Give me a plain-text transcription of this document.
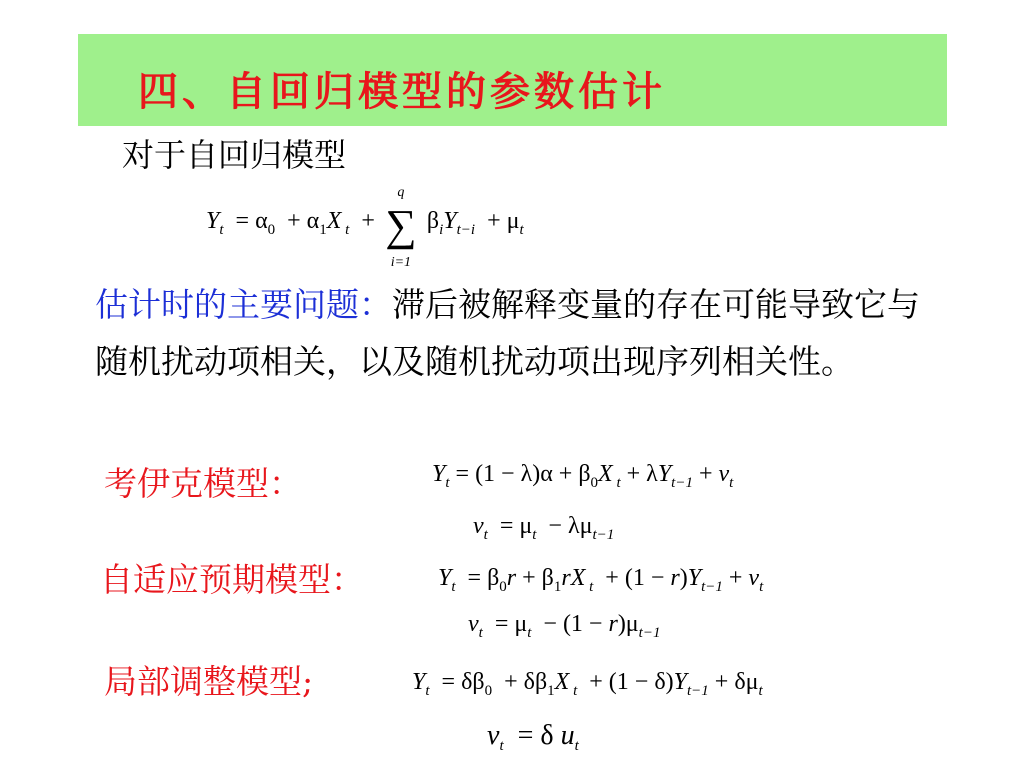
四、自回归模型的参数估计
对于自回归模型
$Y_t = \alpha_0 + \alpha_1X$ $_t$  +
q
∑
i=1
$\beta_iY_{t-i} + \mu_t$
估计时的主要问题：滞后被解释变量的存在可能导致它与随机扰动项相关，以及随机扰动项出现序列相关性。
考伊克模型：	$Y_t = (1 - \lambda)\alpha + \beta_0X$ $_t + \lambda Y_{t-1} + v_t$
$v_t = \mu_t - \lambda\mu_{t-1}$
自适应预期模型：	$Y_t = \beta_0r + \beta_1rX$ $_t + (1 - r)Y_{t-1} + v_t$
$v_t = \mu_t - (1 - r)\mu_{t-1}$
局部调整模型;	$Y_t = \delta\beta_0 + \delta\beta_1X$ $_t + (1 - \delta)Y_{t-1} + \delta\mu_t$
$v_t = \delta$ $u_t$
